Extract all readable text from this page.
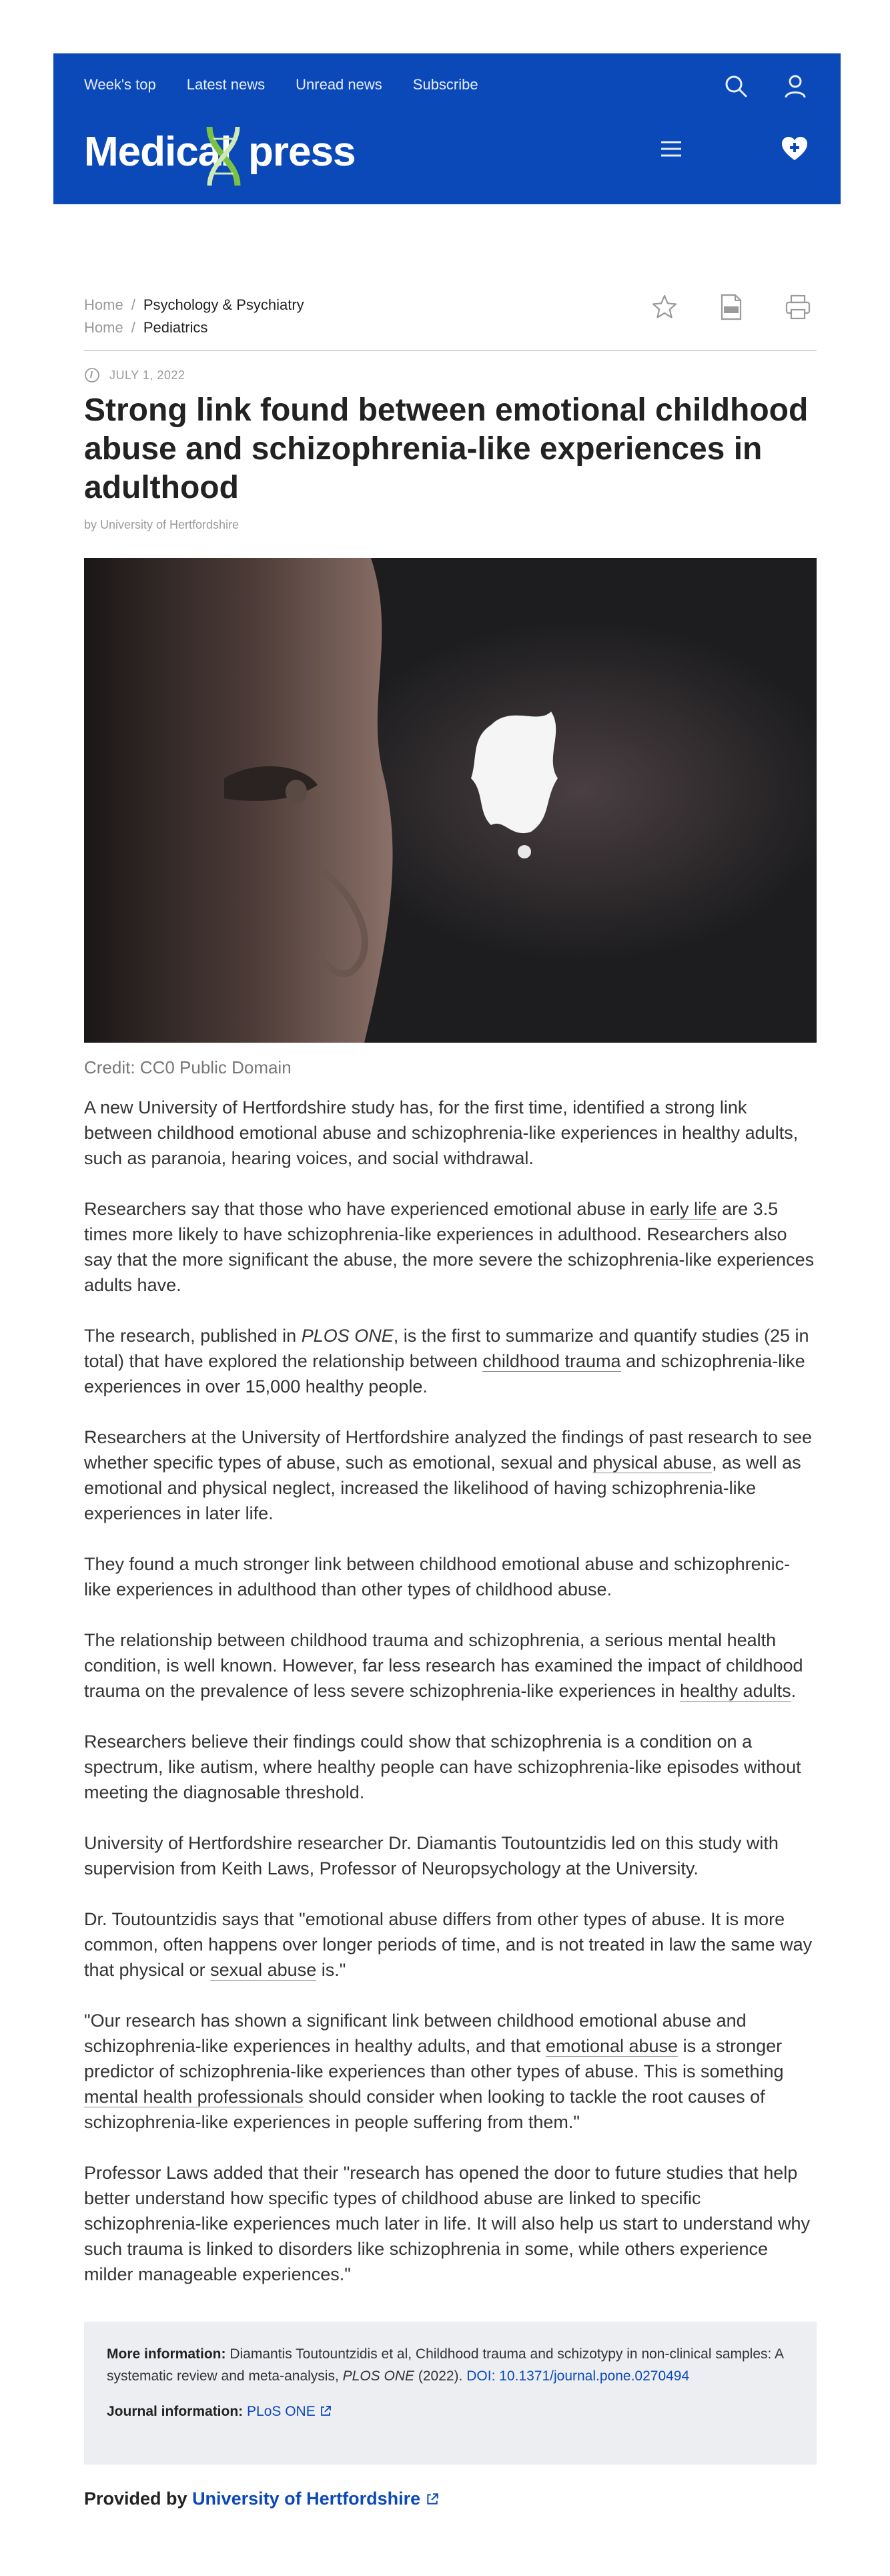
Week's top Latest news Unread news Subscribe
Medical press
Home / Psychology & Psychiatry
Home / Pediatrics
JULY 1, 2022
Strong link found between emotional childhood abuse and schizophrenia-like experiences in adulthood
by University of Hertfordshire
Credit: CC0 Public Domain

A new University of Hertfordshire study has, for the first time, identified a strong link between childhood emotional abuse and schizophrenia-like experiences in healthy adults, such as paranoia, hearing voices, and social withdrawal.

Researchers say that those who have experienced emotional abuse in early life are 3.5 times more likely to have schizophrenia-like experiences in adulthood. Researchers also say that the more significant the abuse, the more severe the schizophrenia-like experiences adults have.

The research, published in PLOS ONE, is the first to summarize and quantify studies (25 in total) that have explored the relationship between childhood trauma and schizophrenia-like experiences in over 15,000 healthy people.

Researchers at the University of Hertfordshire analyzed the findings of past research to see whether specific types of abuse, such as emotional, sexual and physical abuse, as well as emotional and physical neglect, increased the likelihood of having schizophrenia-like experiences in later life.

They found a much stronger link between childhood emotional abuse and schizophrenic-like experiences in adulthood than other types of childhood abuse.

The relationship between childhood trauma and schizophrenia, a serious mental health condition, is well known. However, far less research has examined the impact of childhood trauma on the prevalence of less severe schizophrenia-like experiences in healthy adults.

Researchers believe their findings could show that schizophrenia is a condition on a spectrum, like autism, where healthy people can have schizophrenia-like episodes without meeting the diagnosable threshold.

University of Hertfordshire researcher Dr. Diamantis Toutountzidis led on this study with supervision from Keith Laws, Professor of Neuropsychology at the University.

Dr. Toutountzidis says that "emotional abuse differs from other types of abuse. It is more common, often happens over longer periods of time, and is not treated in law the same way that physical or sexual abuse is."

"Our research has shown a significant link between childhood emotional abuse and schizophrenia-like experiences in healthy adults, and that emotional abuse is a stronger predictor of schizophrenia-like experiences than other types of abuse. This is something mental health professionals should consider when looking to tackle the root causes of schizophrenia-like experiences in people suffering from them."

Professor Laws added that their "research has opened the door to future studies that help better understand how specific types of childhood abuse are linked to specific schizophrenia-like experiences much later in life. It will also help us start to understand why such trauma is linked to disorders like schizophrenia in some, while others experience milder manageable experiences."

More information: Diamantis Toutountzidis et al, Childhood trauma and schizotypy in non-clinical samples: A systematic review and meta-analysis, PLOS ONE (2022). DOI: 10.1371/journal.pone.0270494

Journal information: PLoS ONE

Provided by University of Hertfordshire
